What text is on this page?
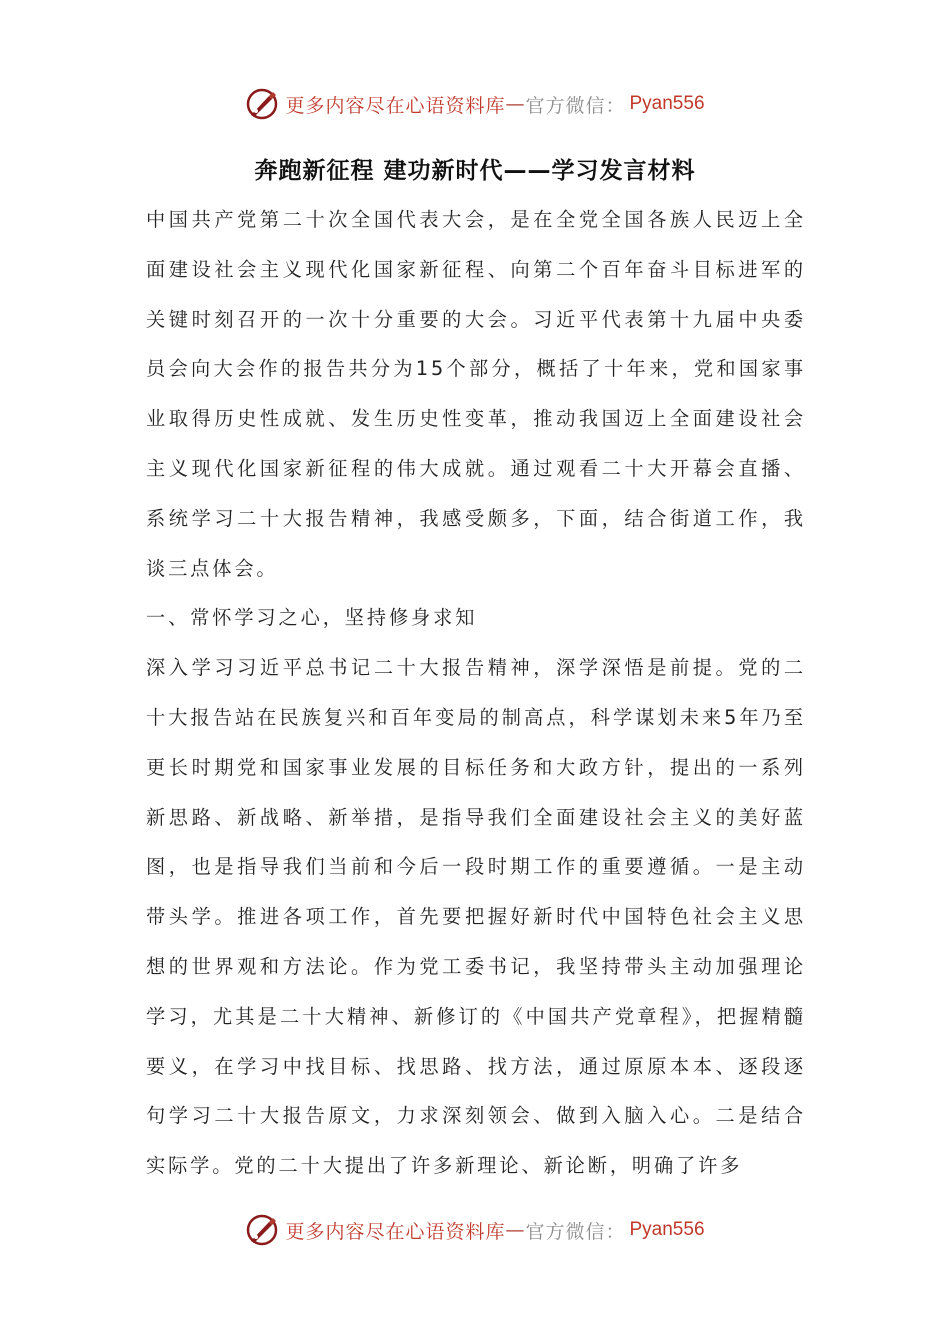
更多内容尽在心语资料库 — 官方微信： Pyan556
奔跑新征程 建功新时代——学习发言材料

中国共产党第二十次全国代表大会，是在全党全国各族人民迈上全面建设社会主义现代化国家新征程、向第二个百年奋斗目标进军的关键时刻召开的一次十分重要的大会。习近平代表第十九届中央委员会向大会作的报告共分为15个部分，概括了十年来，党和国家事业取得历史性成就、发生历史性变革，推动我国迈上全面建设社会主义现代化国家新征程的伟大成就。通过观看二十大开幕会直播、系统学习二十大报告精神，我感受颇多，下面，结合街道工作，我谈三点体会。

一、常怀学习之心，坚持修身求知

深入学习习近平总书记二十大报告精神，深学深悟是前提。党的二十大报告站在民族复兴和百年变局的制高点，科学谋划未来5年乃至更长时期党和国家事业发展的目标任务和大政方针，提出的一系列新思路、新战略、新举措，是指导我们全面建设社会主义的美好蓝图，也是指导我们当前和今后一段时期工作的重要遵循。一是主动带头学。推进各项工作，首先要把握好新时代中国特色社会主义思想的世界观和方法论。作为党工委书记，我坚持带头主动加强理论学习，尤其是二十大精神、新修订的《中国共产党章程》，把握精髓要义，在学习中找目标、找思路、找方法，通过原原本本、逐段逐句学习二十大报告原文，力求深刻领会、做到入脑入心。二是结合实际学。党的二十大提出了许多新理论、新论断，明确了许多

更多内容尽在心语资料库 — 官方微信： Pyan556
